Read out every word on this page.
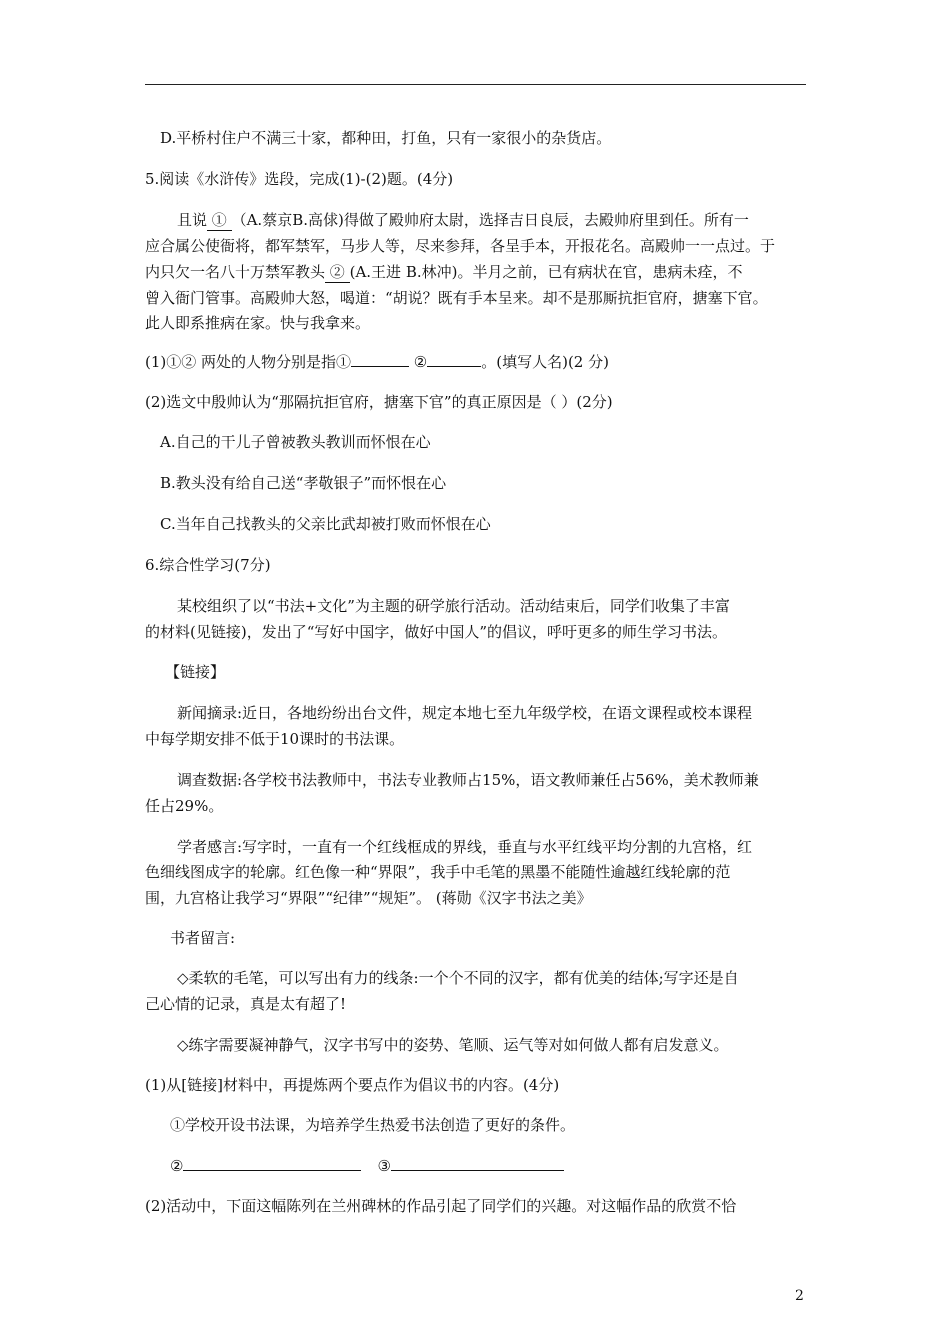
D.平桥村住户不满三十家，都种田，打鱼，只有一家很小的杂货店。
5.阅读《水浒传》选段，完成(1)-(2)题。(4分)
且说 ① （A.蔡京B.高俅)得做了殿帅府太尉，选择吉日良辰，去殿帅府里到任。所有一
应合属公使衙将，都军禁军，马步人等，尽来参拜，各呈手本，开报花名。高殿帅一一点过。于
内只欠一名八十万禁军教头 ② (A.王进 B.林冲)。半月之前，已有病状在官，患病未痊，不
曾入衙门管事。高殿帅大怒，喝道：“胡说？既有手本呈来。却不是那厮抗拒官府，搪塞下官。
此人即系推病在家。快与我拿来。
(1)①② 两处的人物分别是指①	②	。(填写人名)(2 分)
(2)选文中殷帅认为“那隔抗拒官府，搪塞下官”的真正原因是（ ）(2分)
A.自己的干儿子曾被教头教训而怀恨在心
B.教头没有给自己送“孝敬银子”而怀恨在心
C.当年自己找教头的父亲比武却被打败而怀恨在心
6.综合性学习(7分)
某校组织了以“书法+文化”为主题的研学旅行活动。活动结束后，同学们收集了丰富
的材料(见链接)，发出了“写好中国字，做好中国人”的倡议，呼吁更多的师生学习书法。
【链接】
新闻摘录:近日，各地纷纷出台文件，规定本地七至九年级学校，在语文课程或校本课程
中每学期安排不低于10课时的书法课。
调查数据:各学校书法教师中，书法专业教师占15%，语文教师兼任占56%，美术教师兼
任占29%。
学者感言:写字时，一直有一个红线框成的界线，垂直与水平红线平均分割的九宫格，红
色细线图成字的轮廓。红色像一种“界限”，我手中毛笔的黑墨不能随性逾越红线轮廓的范
围，九宫格让我学习“界限”“纪律”“规矩”。 (蒋勋《汉字书法之美》
书者留言:
◇柔软的毛笔，可以写出有力的线条:一个个不同的汉字，都有优美的结体;写字还是自
己心情的记录，真是太有超了!
◇练字需要凝神静气，汉字书写中的姿势、笔顺、运气等对如何做人都有启发意义。
(1)从[链接]材料中，再提炼两个要点作为倡议书的内容。(4分)
①学校开设书法课，为培养学生热爱书法创造了更好的条件。
②	③
(2)活动中，下面这幅陈列在兰州碑林的作品引起了同学们的兴趣。对这幅作品的欣赏不恰
2
